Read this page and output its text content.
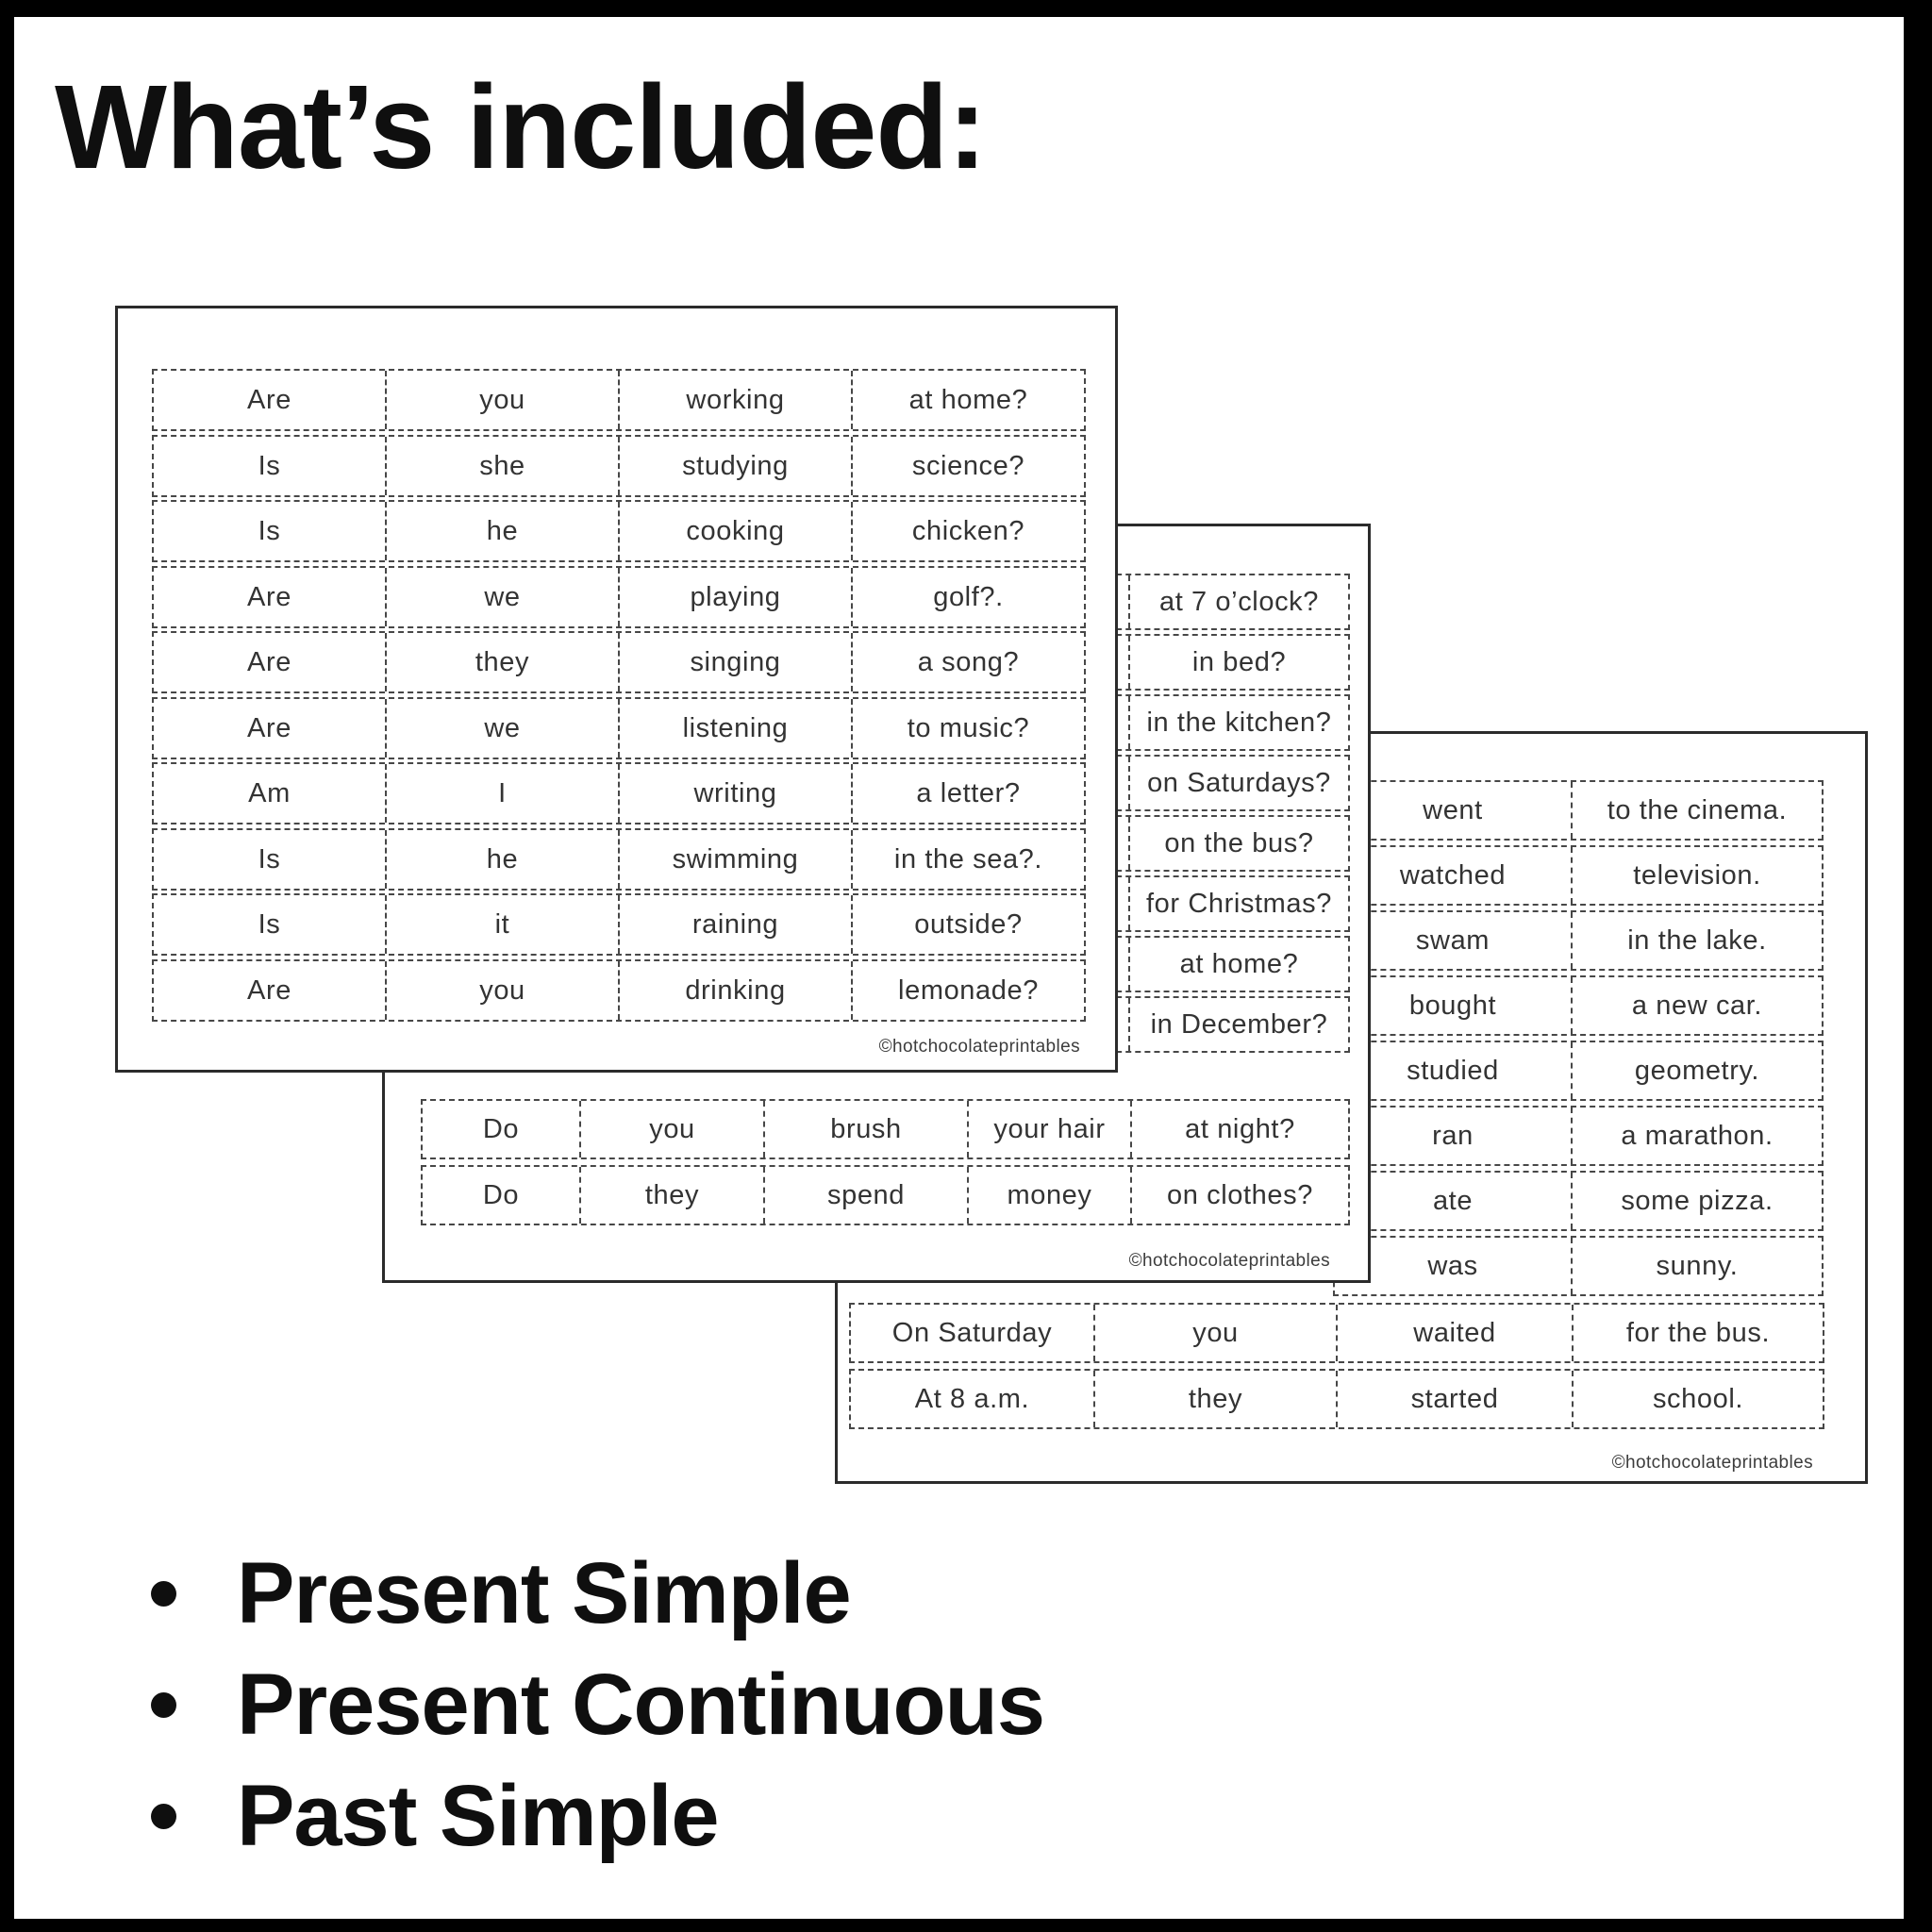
What’s included:
Are	you	working	at home?
Is	she	studying	science?
Is	he	cooking	chicken?
Are	we	playing	golf?.
Are	they	singing	a song?
Are	we	listening	to music?
Am	I	writing	a letter?
Is	he	swimming	in the sea?.
Is	it	raining	outside?
Are	you	drinking	lemonade?
©hotchocolateprintables
at 7 o’clock?
in bed?
in the kitchen?
on Saturdays?
on the bus?
for Christmas?
at home?
in December?
Do	you	brush	your hair	at night?
Do	they	spend	money	on clothes?
©hotchocolateprintables
went	to the cinema.
watched	television.
swam	in the lake.
bought	a new car.
studied	geometry.
ran	a marathon.
ate	some pizza.
was	sunny.
On Saturday	you	waited	for the bus.
At 8 a.m.	they	started	school.
©hotchocolateprintables
Present Simple
Present Continuous
Past Simple
